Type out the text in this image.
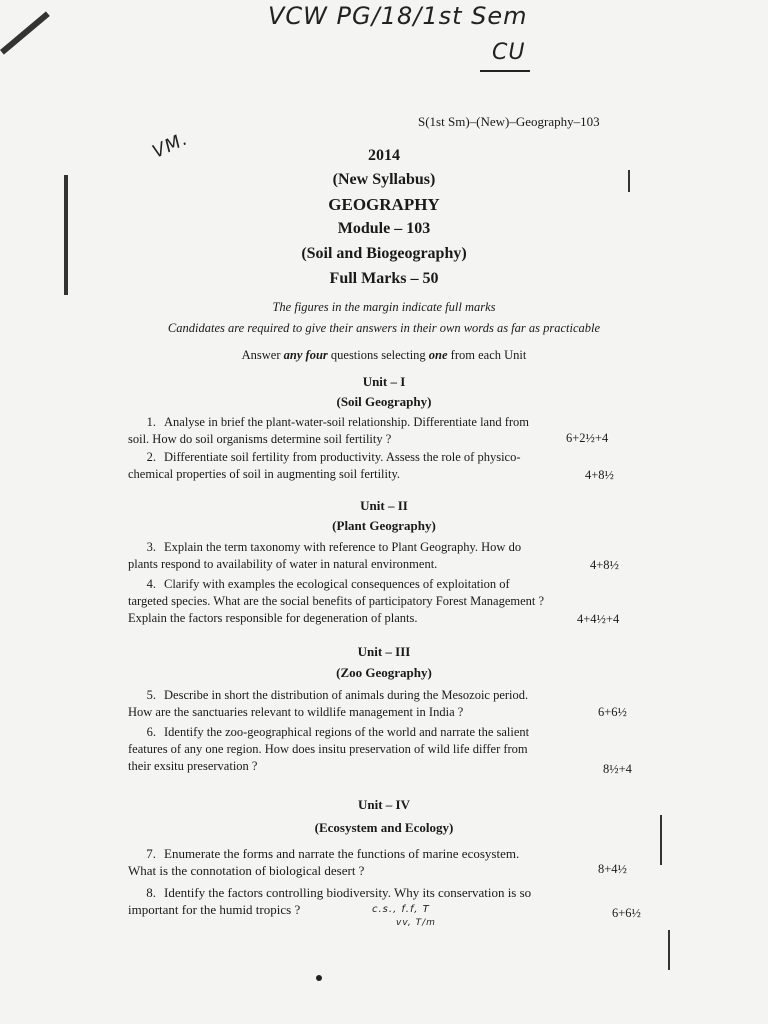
VCW PG/18/1st Sem
CU
VM.
S(1st Sm)–(New)–Geography–103
2014
(New Syllabus)
GEOGRAPHY
Module – 103
(Soil and Biogeography)
Full Marks – 50
The figures in the margin indicate full marks
Candidates are required to give their answers in their own words as far as practicable
Answer any four questions selecting one from each Unit
Unit – I
(Soil Geography)
1. Analyse in brief the plant-water-soil relationship. Differentiate land from
soil. How do soil organisms determine soil fertility ?	6+2½+4
2. Differentiate soil fertility from productivity. Assess the role of physico-
chemical properties of soil in augmenting soil fertility.	4+8½
Unit – II
(Plant Geography)
3. Explain the term taxonomy with reference to Plant Geography. How do
plants respond to availability of water in natural environment.	4+8½
4. Clarify with examples the ecological consequences of exploitation of
targeted species. What are the social benefits of participatory Forest Management ?
Explain the factors responsible for degeneration of plants.	4+4½+4
Unit – III
(Zoo Geography)
5. Describe in short the distribution of animals during the Mesozoic period.
How are the sanctuaries relevant to wildlife management in India ?	6+6½
6. Identify the zoo-geographical regions of the world and narrate the salient
features of any one region. How does insitu preservation of wild life differ from
their exsitu preservation ?	8½+4
Unit – IV
(Ecosystem and Ecology)
7. Enumerate the forms and narrate the functions of marine ecosystem.
What is the connotation of biological desert ?	8+4½
8. Identify the factors controlling biodiversity. Why its conservation is so
important for the humid tropics ?	6+6½
c.s., f.f, T
vv, T/m
